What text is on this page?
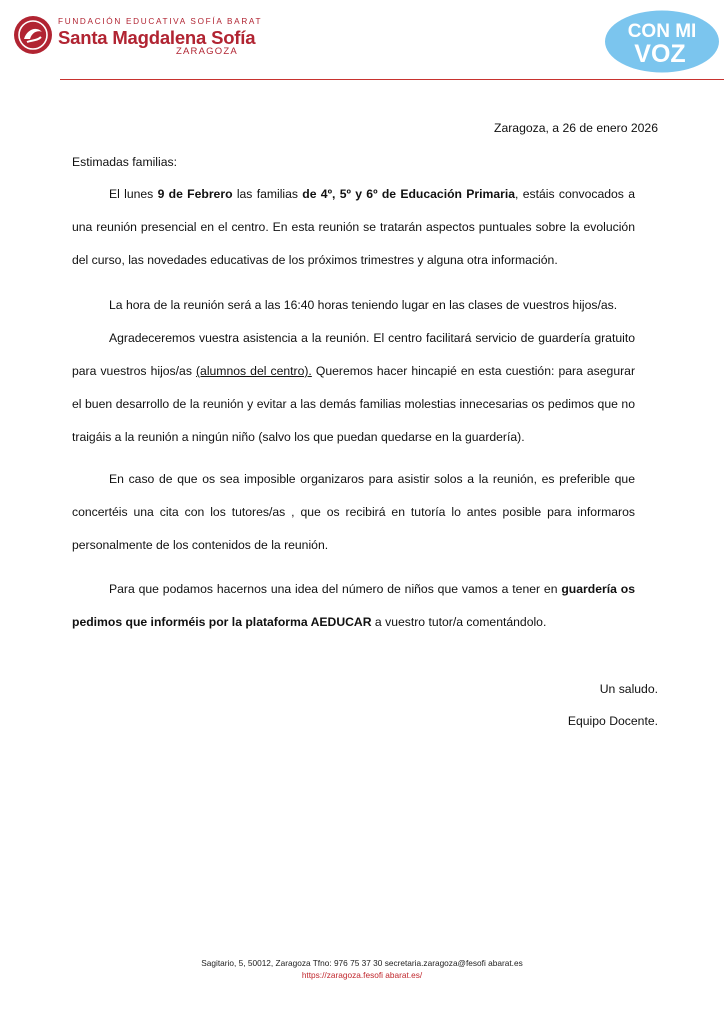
FUNDACIÓN EDUCATIVA SOFÍA BARAT
Santa Magdalena Sofía
ZARAGOZA
CON MI
VOZ
Zaragoza, a 26 de enero 2026
Estimadas familias:
El lunes 9 de Febrero las familias de 4º, 5º y 6º de Educación Primaria, estáis convocados a una reunión presencial en el centro. En esta reunión se tratarán aspectos puntuales sobre la evolución del curso, las novedades educativas de los próximos trimestres y alguna otra información.
La hora de la reunión será a las 16:40 horas teniendo lugar en las clases de vuestros hijos/as.
Agradeceremos vuestra asistencia a la reunión. El centro facilitará servicio de guardería gratuito para vuestros hijos/as (alumnos del centro). Queremos hacer hincapié en esta cuestión: para asegurar el buen desarrollo de la reunión y evitar a las demás familias molestias innecesarias os pedimos que no traigáis a la reunión a ningún niño (salvo los que puedan quedarse en la guardería).
En caso de que os sea imposible organizaros para asistir solos a la reunión, es preferible que concertéis una cita con los tutores/as , que os recibirá en tutoría lo antes posible para informaros personalmente de los contenidos de la reunión.
Para que podamos hacernos una idea del número de niños que vamos a tener en guardería os pedimos que informéis por la plataforma AEDUCAR a vuestro tutor/a comentándolo.
Un saludo.
Equipo Docente.
Sagitario, 5, 50012, Zaragoza Tfno: 976 75 37 30 secretaria.zaragoza@fesofi abarat.es
https://zaragoza.fesofi abarat.es/
